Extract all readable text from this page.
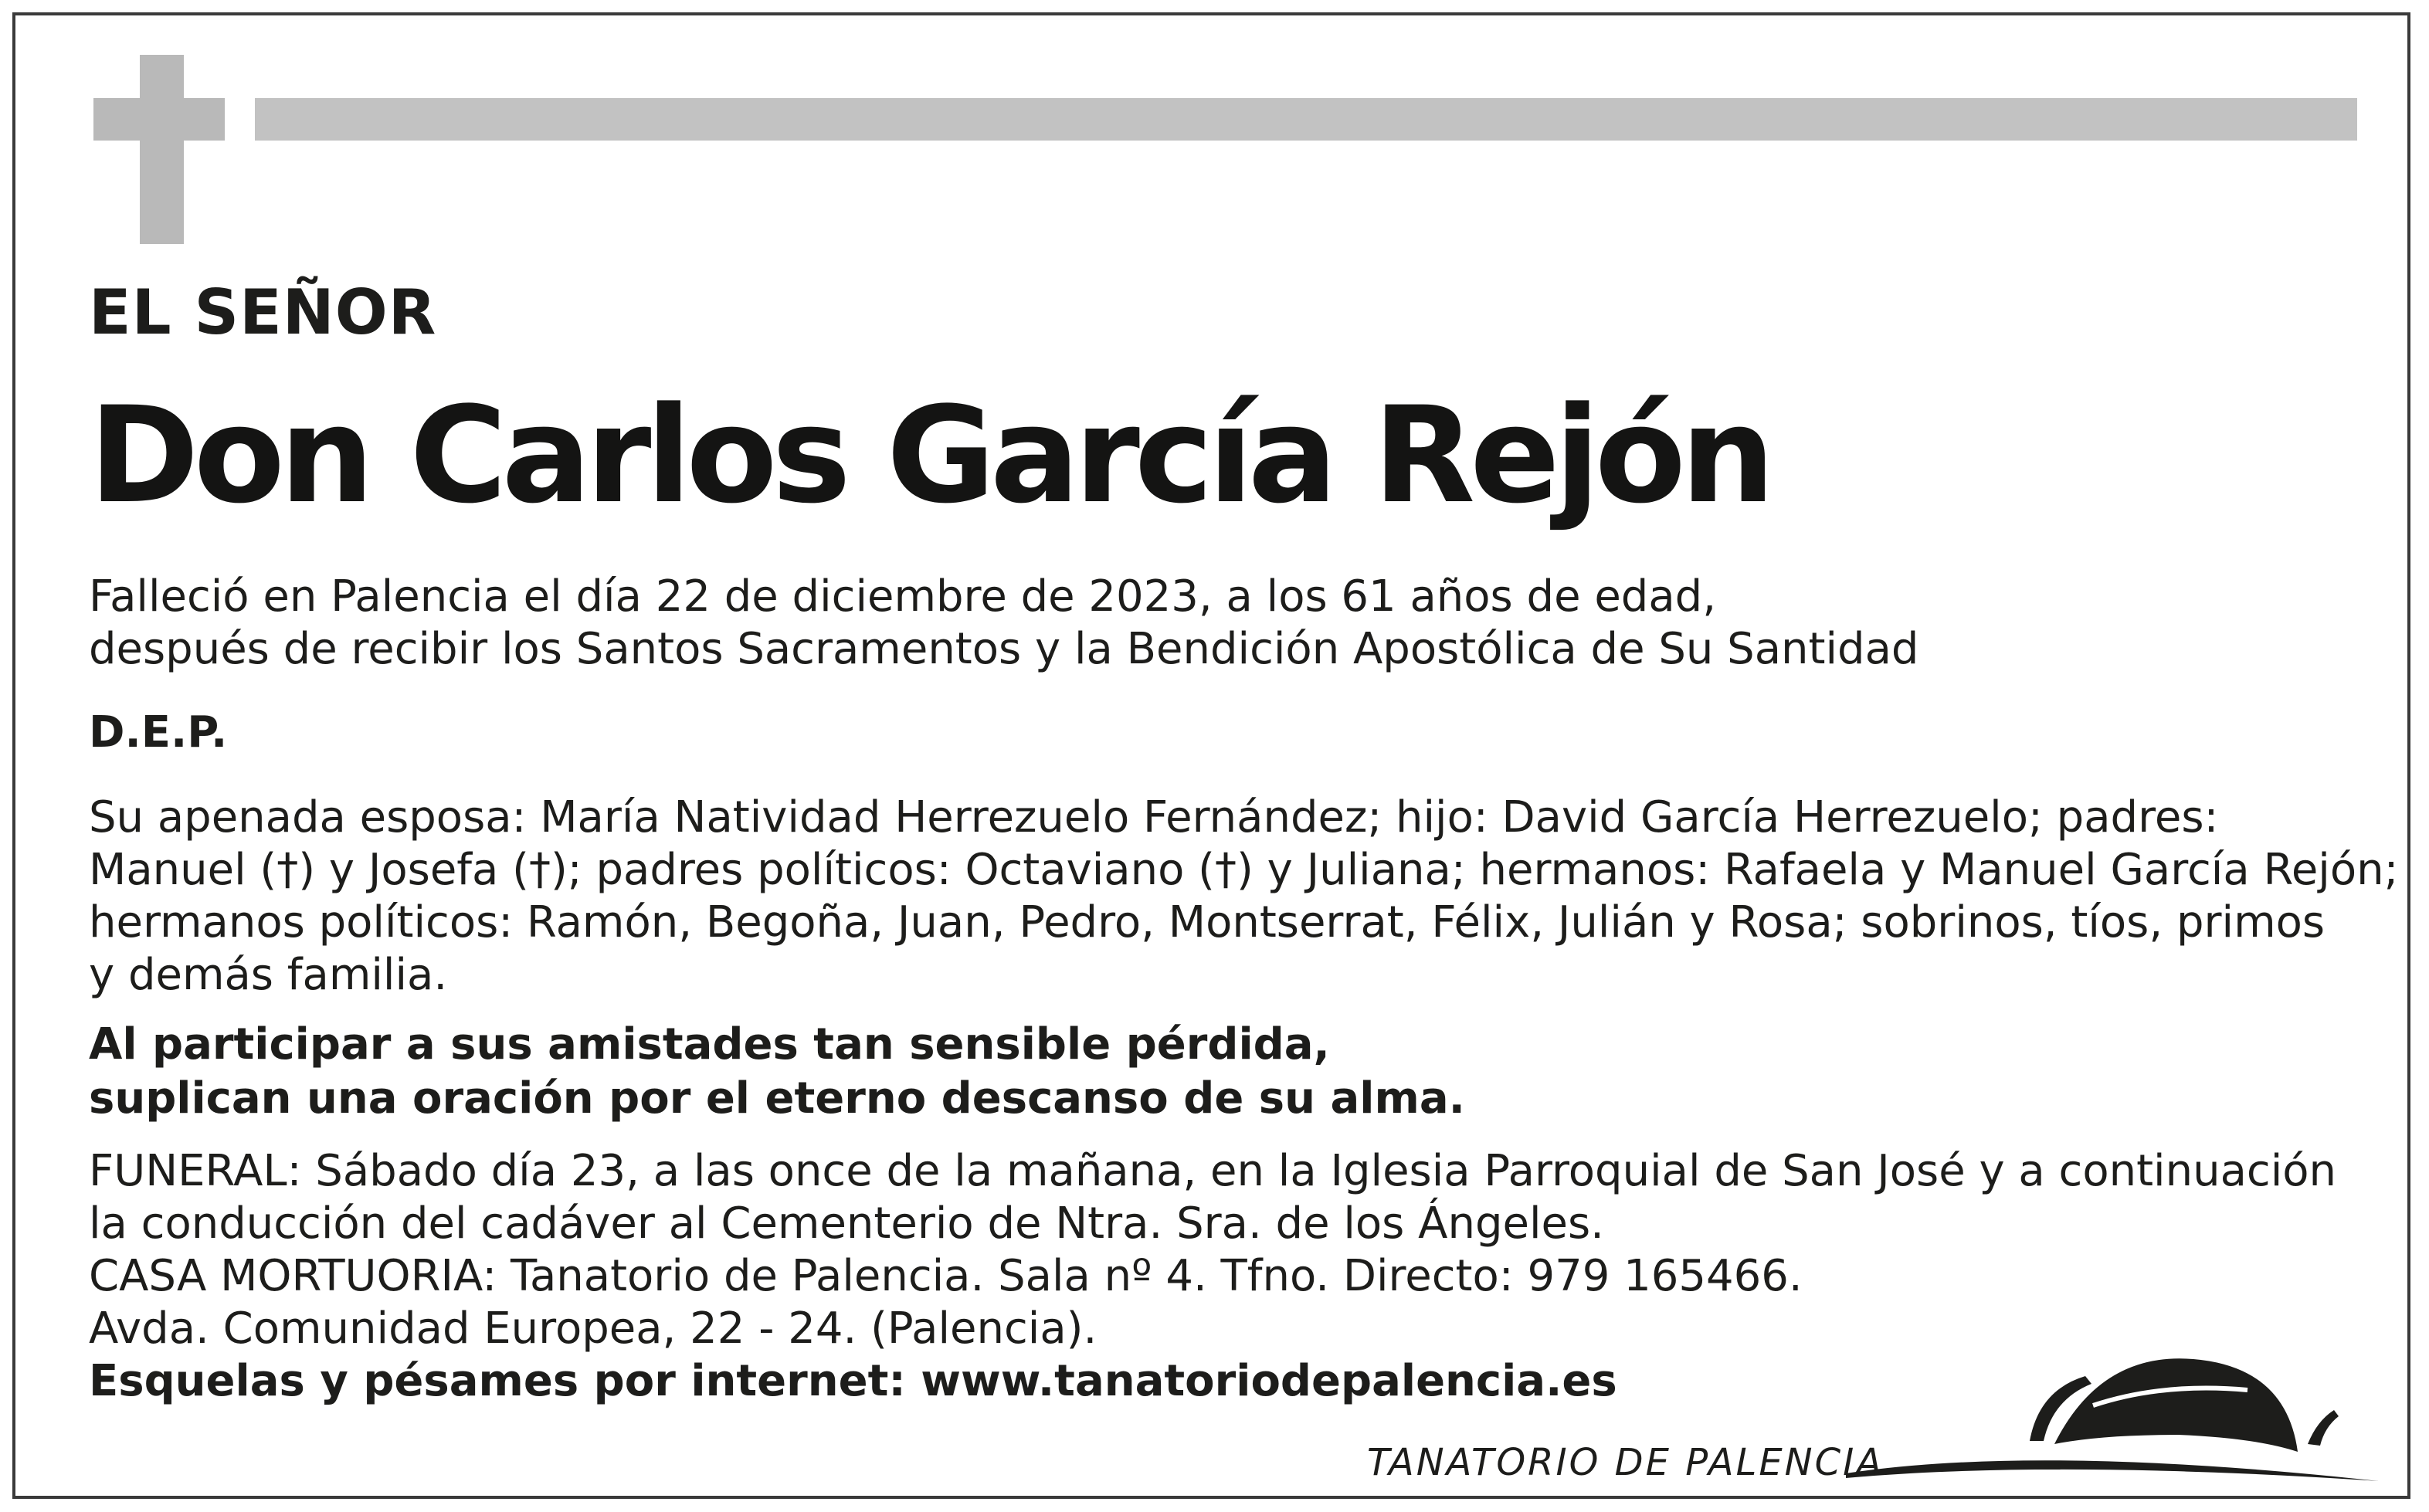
EL SEÑOR
Don Carlos García Rejón
Falleció en Palencia el día 22 de diciembre de 2023, a los 61 años de edad,
después de recibir los Santos Sacramentos y la Bendición Apostólica de Su Santidad
D.E.P.
Su apenada esposa: María Natividad Herrezuelo Fernández; hijo: David García Herrezuelo; padres:
Manuel (†) y Josefa (†); padres políticos: Octaviano (†) y Juliana; hermanos: Rafaela y Manuel García Rejón;
hermanos políticos: Ramón, Begoña, Juan, Pedro, Montserrat, Félix, Julián y Rosa; sobrinos, tíos, primos
y demás familia.
Al participar a sus amistades tan sensible pérdida,
suplican una oración por el eterno descanso de su alma.
FUNERAL: Sábado día 23, a las once de la mañana, en la Iglesia Parroquial de San José y a continuación
la conducción del cadáver al Cementerio de Ntra. Sra. de los Ángeles.
CASA MORTUORIA: Tanatorio de Palencia. Sala nº 4. Tfno. Directo: 979 165466.
Avda. Comunidad Europea, 22 - 24. (Palencia).
Esquelas y pésames por internet: www.tanatoriodepalencia.es
TANATORIO DE PALENCIA
